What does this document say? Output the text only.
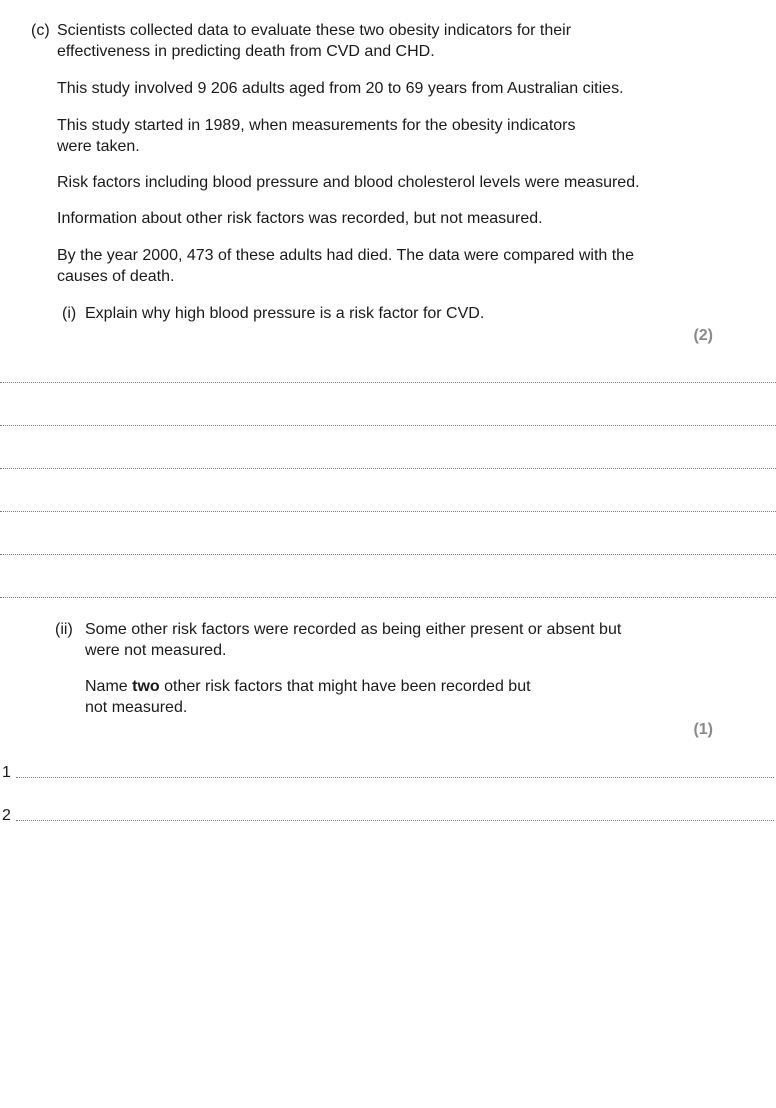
(c) Scientists collected data to evaluate these two obesity indicators for their
effectiveness in predicting death from CVD and CHD.

This study involved 9 206 adults aged from 20 to 69 years from Australian cities.

This study started in 1989, when measurements for the obesity indicators
were taken.

Risk factors including blood pressure and blood cholesterol levels were measured.

Information about other risk factors was recorded, but not measured.

By the year 2000, 473 of these adults had died. The data were compared with the
causes of death.

(i) Explain why high blood pressure is a risk factor for CVD.

(2)

(ii) Some other risk factors were recorded as being either present or absent but
were not measured.

Name two other risk factors that might have been recorded but
not measured.

(1)

1
2
